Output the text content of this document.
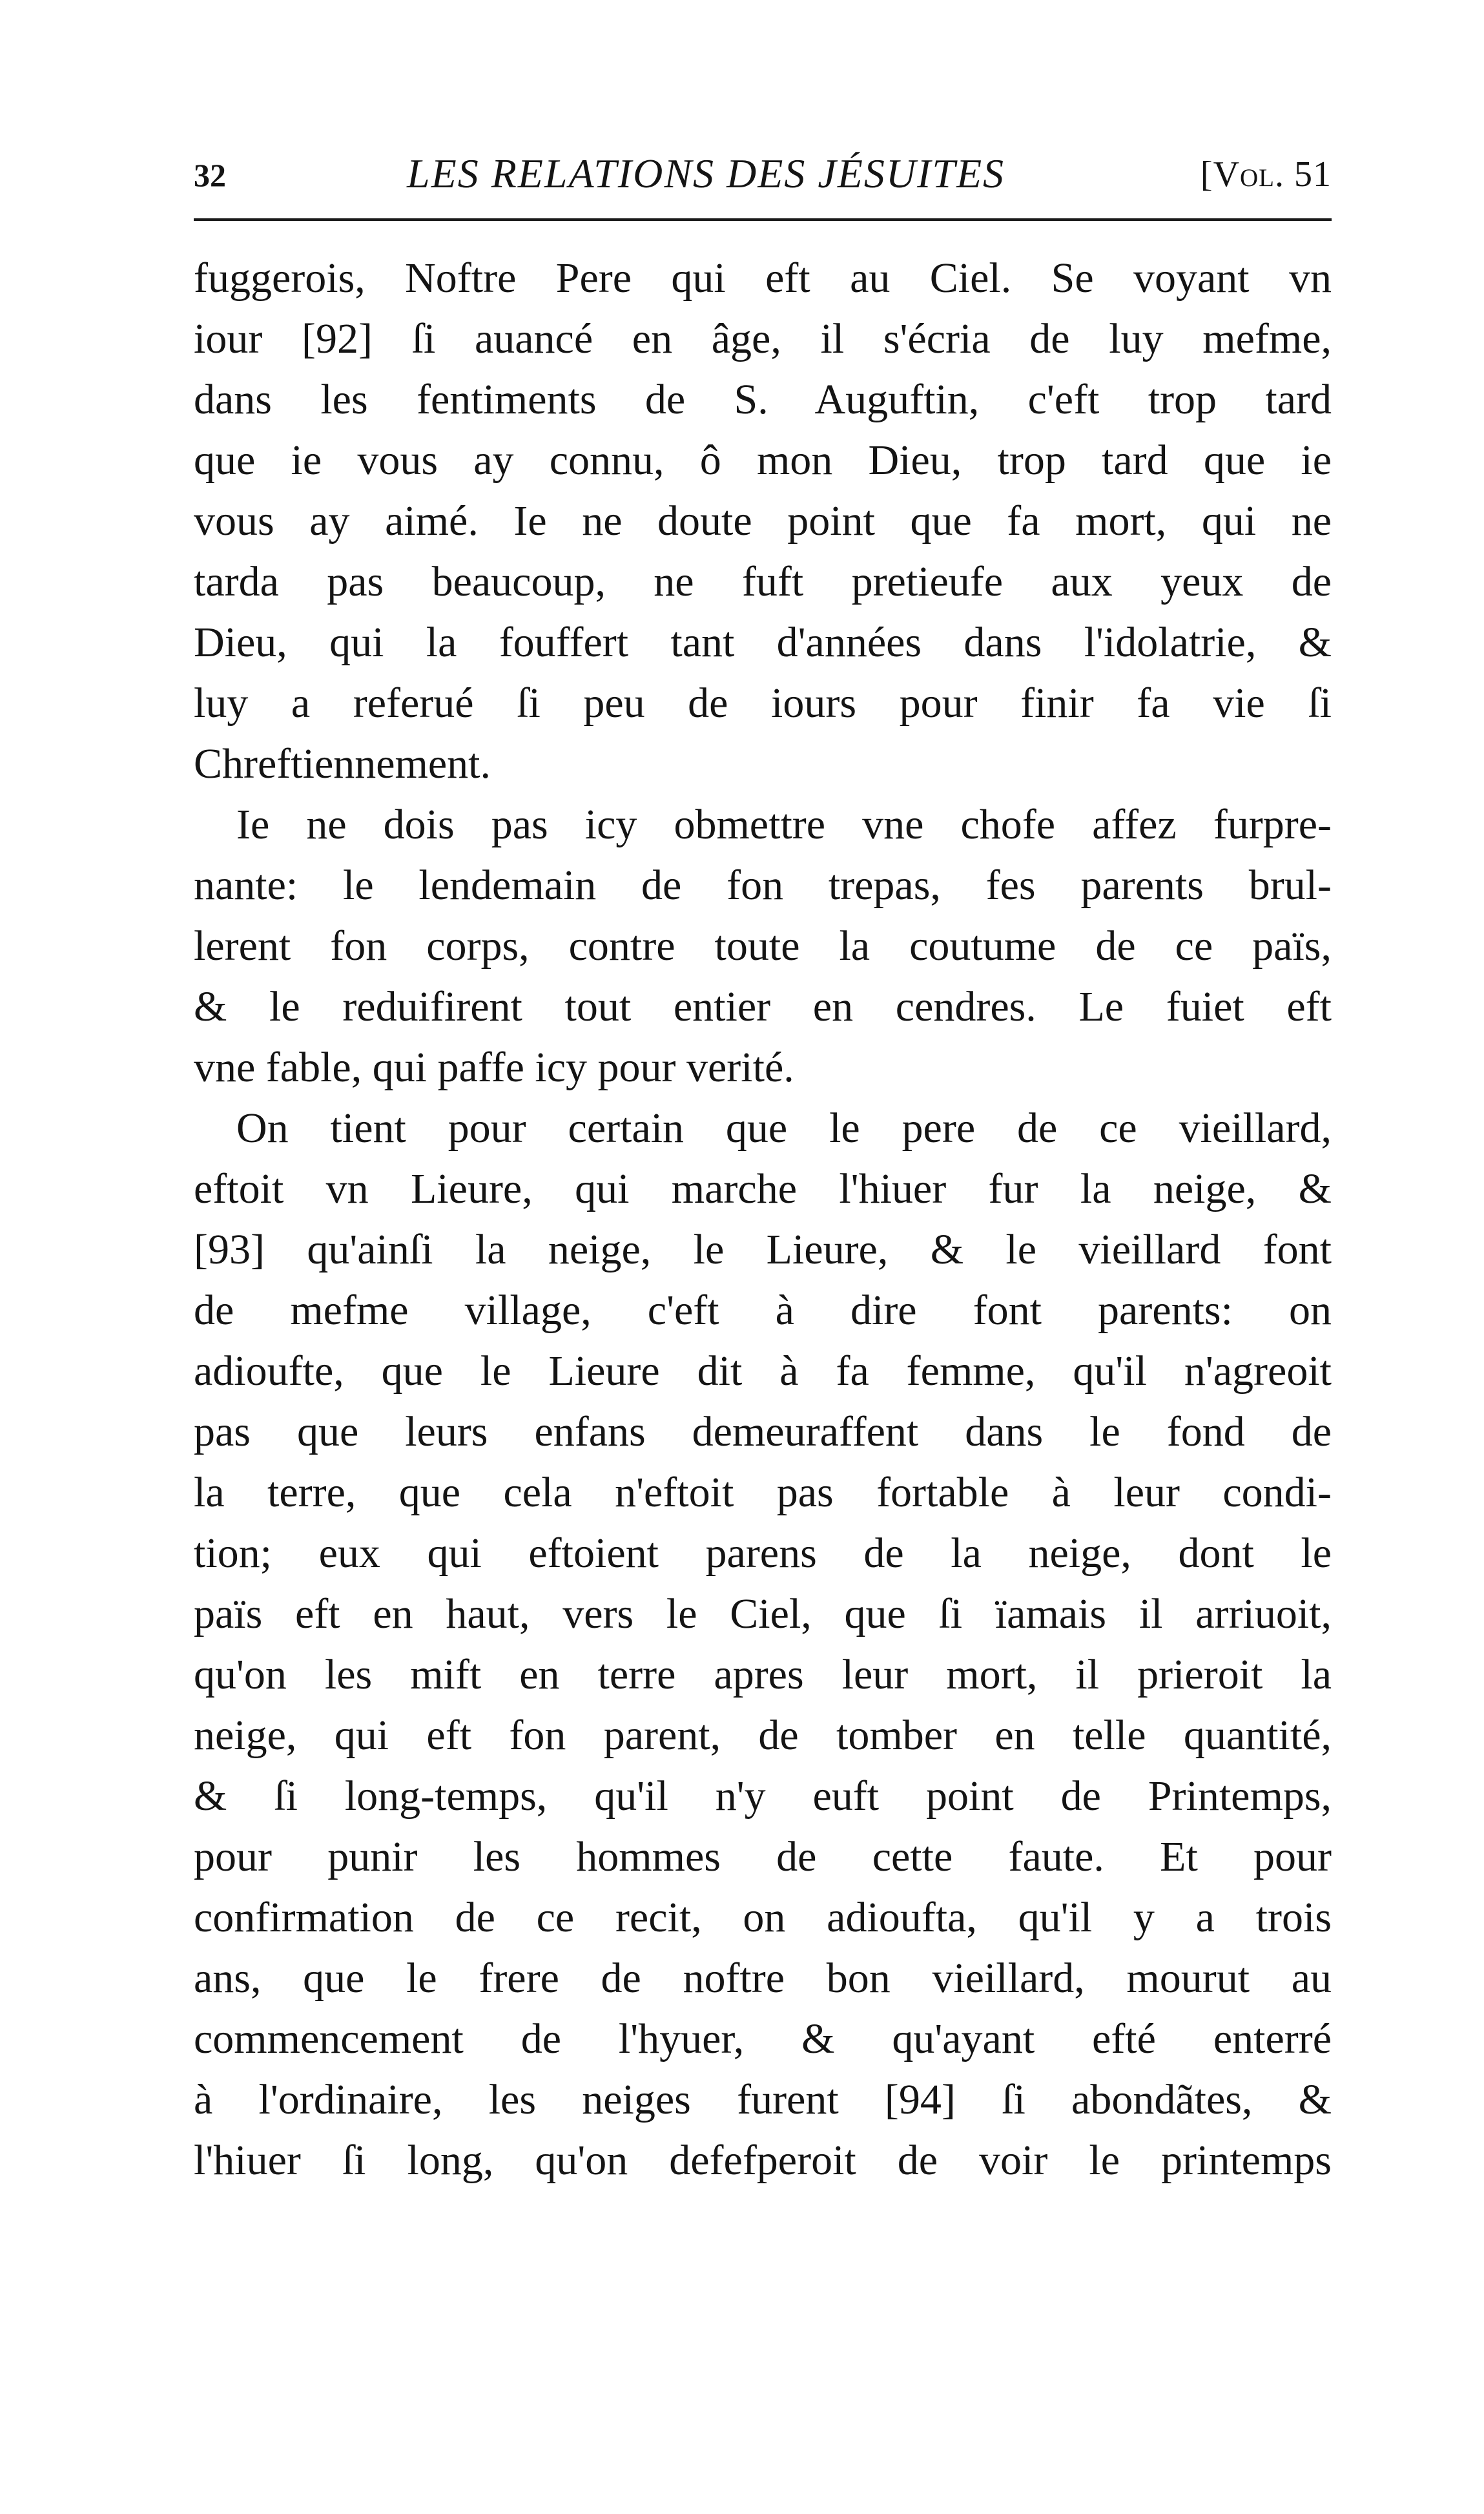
32	LES RELATIONS DES JÉSUITES	[Vol. 51
fuggerois, Noftre Pere qui eft au Ciel. Se voyant vn
iour [92] ſi auancé en âge, il s'écria de luy mefme,
dans les fentiments de S. Auguftin, c'eft trop tard
que ie vous ay connu, ô mon Dieu, trop tard que ie
vous ay aimé. Ie ne doute point que fa mort, qui ne
tarda pas beaucoup, ne fuft pretieufe aux yeux de
Dieu, qui la fouffert tant d'années dans l'idolatrie, &
luy a referué ſi peu de iours pour finir fa vie ſi
Chreftiennement.
Ie ne dois pas icy obmettre vne chofe affez furpre-
nante: le lendemain de fon trepas, fes parents brul-
lerent fon corps, contre toute la coutume de ce païs,
& le reduifirent tout entier en cendres. Le fuiet eft
vne fable, qui paffe icy pour verité.
On tient pour certain que le pere de ce vieillard,
eftoit vn Lieure, qui marche l'hiuer fur la neige, &
[93] qu'ainſi la neige, le Lieure, & le vieillard font
de mefme village, c'eft à dire font parents: on
adioufte, que le Lieure dit à fa femme, qu'il n'agreoit
pas que leurs enfans demeuraffent dans le fond de
la terre, que cela n'eftoit pas fortable à leur condi-
tion; eux qui eftoient parens de la neige, dont le
païs eft en haut, vers le Ciel, que ſi ïamais il arriuoit,
qu'on les mift en terre apres leur mort, il prieroit la
neige, qui eft fon parent, de tomber en telle quantité,
& ſi long-temps, qu'il n'y euft point de Printemps,
pour punir les hommes de cette faute. Et pour
confirmation de ce recit, on adioufta, qu'il y a trois
ans, que le frere de noftre bon vieillard, mourut au
commencement de l'hyuer, & qu'ayant efté enterré
à l'ordinaire, les neiges furent [94] ſi abondãtes, &
l'hiuer ſi long, qu'on defefperoit de voir le printemps
